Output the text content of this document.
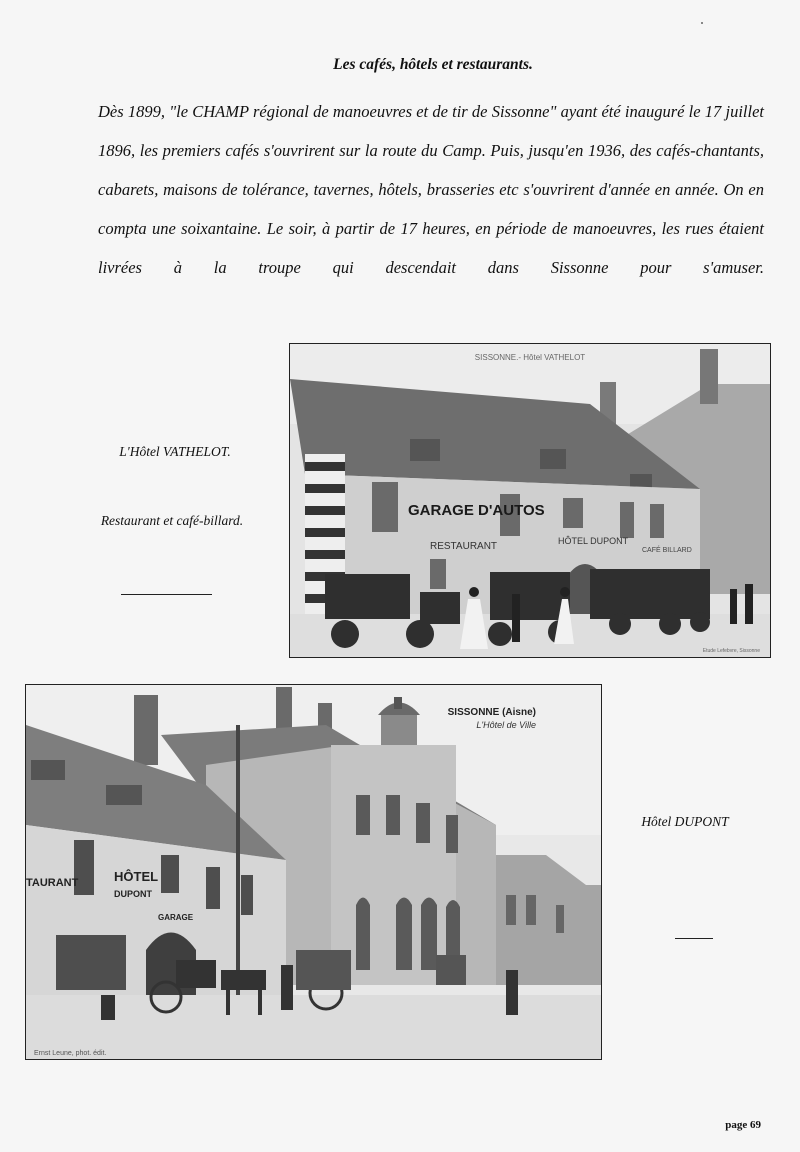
Les cafés, hôtels et restaurants.

Dès 1899, "le CHAMP régional de manoeuvres et de tir de Sissonne" ayant été inauguré le 17 juillet 1896, les premiers cafés s'ouvrirent sur la route du Camp. Puis, jusqu'en 1936, des cafés-chantants, cabarets, maisons de tolérance, tavernes, hôtels, brasseries etc s'ouvrirent d'année en année. On en compta une soixantaine. Le soir, à partir de 17 heures, en période de manoeuvres, les rues étaient livrées à la troupe qui descendait dans Sissonne pour s'amuser.

SISSONNE.- Hôtel VATHELOT
GARAGE D'AUTOS
RESTAURANT	HÔTEL DUPONT
CAFÉ BILLARD
Etude Lefebvre, Sissonne
L'Hôtel VATHELOT.
Restaurant et café-billard.
SISSONNE (Aisne)
L'Hôtel de Ville
TAURANT	HÔTEL
DUPONT
GARAGE
Ernst Leune, phot. édit.
Hôtel DUPONT
page 69
